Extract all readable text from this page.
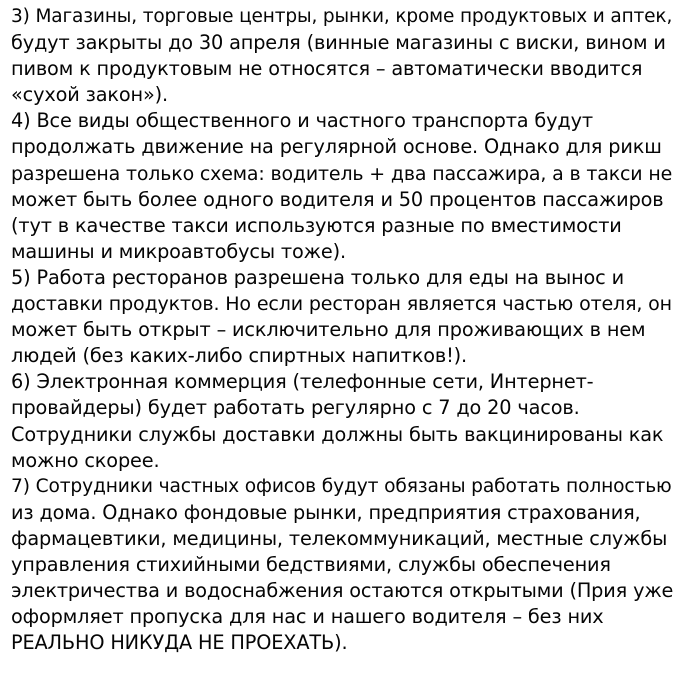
3) Магазины, торговые центры, рынки, кроме продуктовых и аптек,
будут закрыты до 30 апреля (винные магазины с виски, вином и
пивом к продуктовым не относятся – автоматически вводится
«сухой закон»).
4) Все виды общественного и частного транспорта будут
продолжать движение на регулярной основе. Однако для рикш
разрешена только схема: водитель + два пассажира, а в такси не
может быть более одного водителя и 50 процентов пассажиров
(тут в качестве такси используются разные по вместимости
машины и микроавтобусы тоже).
5) Работа ресторанов разрешена только для еды на вынос и
доставки продуктов. Но если ресторан является частью отеля, он
может быть открыт – исключительно для проживающих в нем
людей (без каких-либо спиртных напитков!).
6) Электронная коммерция (телефонные сети, Интернет-
провайдеры) будет работать регулярно с 7 до 20 часов.
Сотрудники службы доставки должны быть вакцинированы как
можно скорее.
7) Сотрудники частных офисов будут обязаны работать полностью
из дома. Однако фондовые рынки, предприятия страхования,
фармацевтики, медицины, телекоммуникаций, местные службы
управления стихийными бедствиями, службы обеспечения
электричества и водоснабжения остаются открытыми (Прия уже
оформляет пропуска для нас и нашего водителя – без них
РЕАЛЬНО НИКУДА НЕ ПРОЕХАТЬ).
